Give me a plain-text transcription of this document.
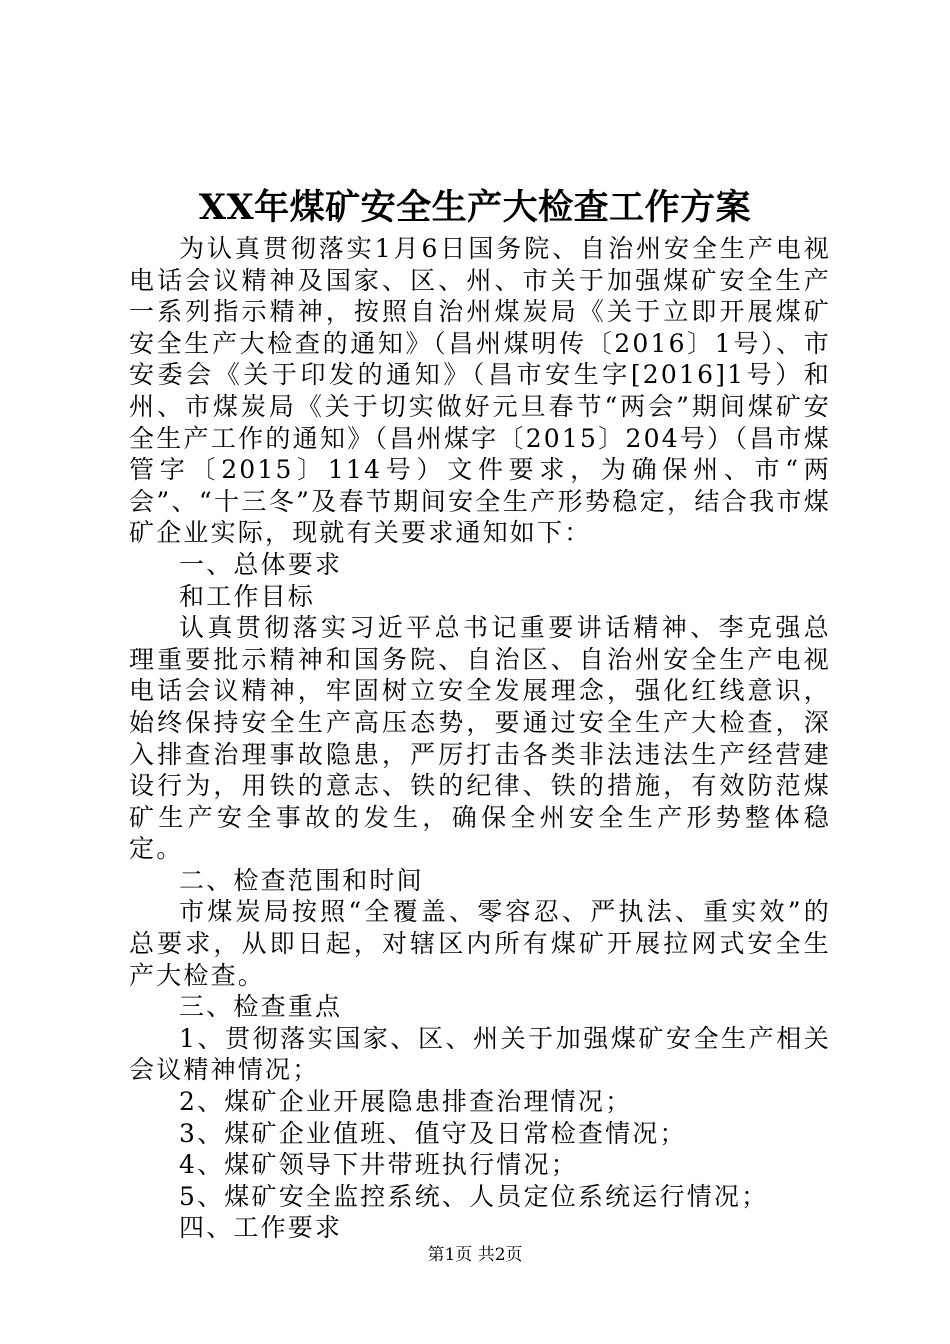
XX年煤矿安全生产大检查工作方案

为认真贯彻落实1月6日国务院、自治州安全生产电视电话会议精神及国家、区、州、市关于加强煤矿安全生产一系列指示精神，按照自治州煤炭局《关于立即开展煤矿安全生产大检查的通知》（昌州煤明传〔2016〕1号）、市安委会《关于印发的通知》（昌市安生字[2016]1号）和州、市煤炭局《关于切实做好元旦春节“两会”期间煤矿安全生产工作的通知》（昌州煤字〔2015〕204号）（昌市煤管字〔2015〕114号）文件要求，为确保州、市“两会”、“十三冬”及春节期间安全生产形势稳定，结合我市煤矿企业实际，现就有关要求通知如下：

一、总体要求

和工作目标

认真贯彻落实习近平总书记重要讲话精神、李克强总理重要批示精神和国务院、自治区、自治州安全生产电视电话会议精神，牢固树立安全发展理念，强化红线意识，始终保持安全生产高压态势，要通过安全生产大检查，深入排查治理事故隐患，严厉打击各类非法违法生产经营建设行为，用铁的意志、铁的纪律、铁的措施，有效防范煤矿生产安全事故的发生，确保全州安全生产形势整体稳定。

二、检查范围和时间

市煤炭局按照“全覆盖、零容忍、严执法、重实效”的总要求，从即日起，对辖区内所有煤矿开展拉网式安全生产大检查。

三、检查重点

1、贯彻落实国家、区、州关于加强煤矿安全生产相关会议精神情况；

2、煤矿企业开展隐患排查治理情况；

3、煤矿企业值班、值守及日常检查情况；

4、煤矿领导下井带班执行情况；

5、煤矿安全监控系统、人员定位系统运行情况；

四、工作要求

第1页 共2页
